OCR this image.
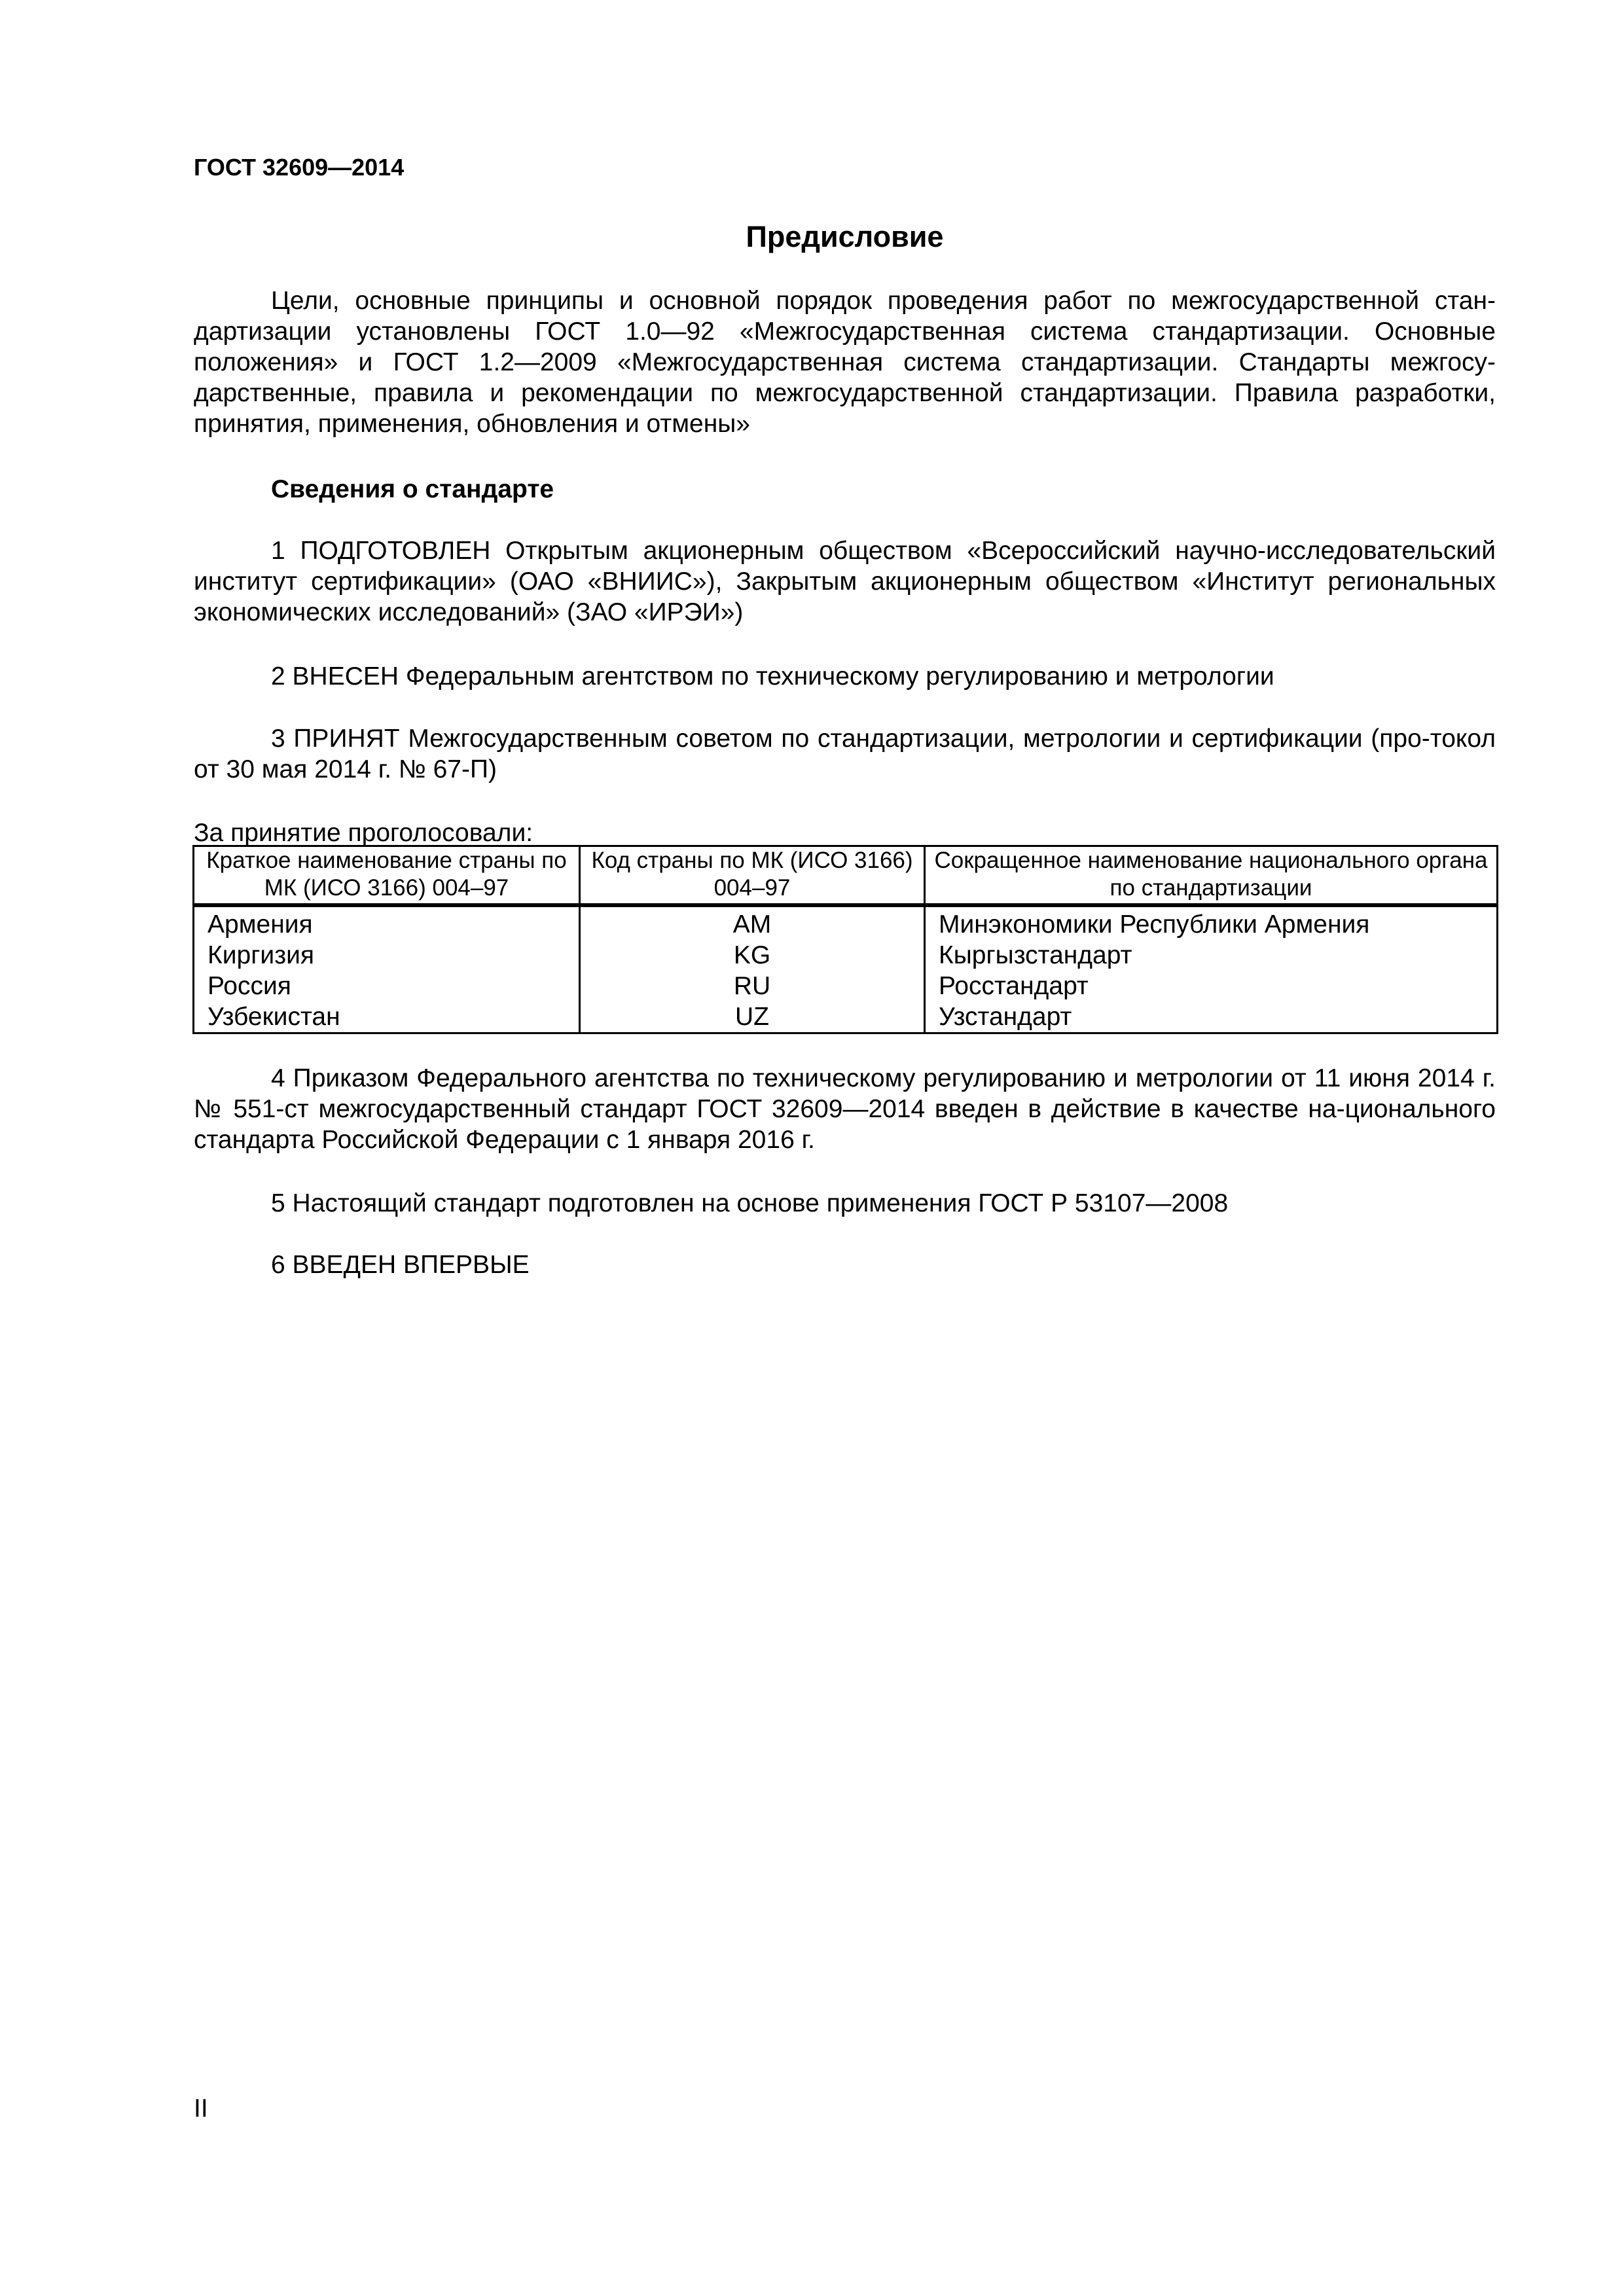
ГОСТ 32609—2014
Предисловие

Цели, основные принципы и основной порядок проведения работ по межгосударственной стан-дартизации установлены ГОСТ 1.0—92 «Межгосударственная система стандартизации. Основные положения» и ГОСТ 1.2—2009 «Межгосударственная система стандартизации. Стандарты межгосу-дарственные, правила и рекомендации по межгосударственной стандартизации. Правила разработки, принятия, применения, обновления и отмены»

Сведения о стандарте

1 ПОДГОТОВЛЕН Открытым акционерным обществом «Всероссийский научно-исследовательский институт сертификации» (ОАО «ВНИИС»), Закрытым акционерным обществом «Институт региональных экономических исследований» (ЗАО «ИРЭИ»)

2 ВНЕСЕН Федеральным агентством по техническому регулированию и метрологии

3 ПРИНЯТ Межгосударственным советом по стандартизации, метрологии и сертификации (про-токол от 30 мая 2014 г. № 67-П)

За принятие проголосовали:
Краткое наименование страны по МК (ИСО 3166) 004–97	Код страны по МК (ИСО 3166) 004–97	Сокращенное наименование национального органа по стандартизации
Армения	AM	Минэкономики Республики Армения
Киргизия	KG	Кыргызстандарт
Россия	RU	Росстандарт
Узбекистан	UZ	Узстандарт

4 Приказом Федерального агентства по техническому регулированию и метрологии от 11 июня 2014 г. № 551-ст межгосударственный стандарт ГОСТ 32609—2014 введен в действие в качестве на-ционального стандарта Российской Федерации с 1 января 2016 г.

5 Настоящий стандарт подготовлен на основе применения ГОСТ Р 53107—2008

6 ВВЕДЕН ВПЕРВЫЕ

II
